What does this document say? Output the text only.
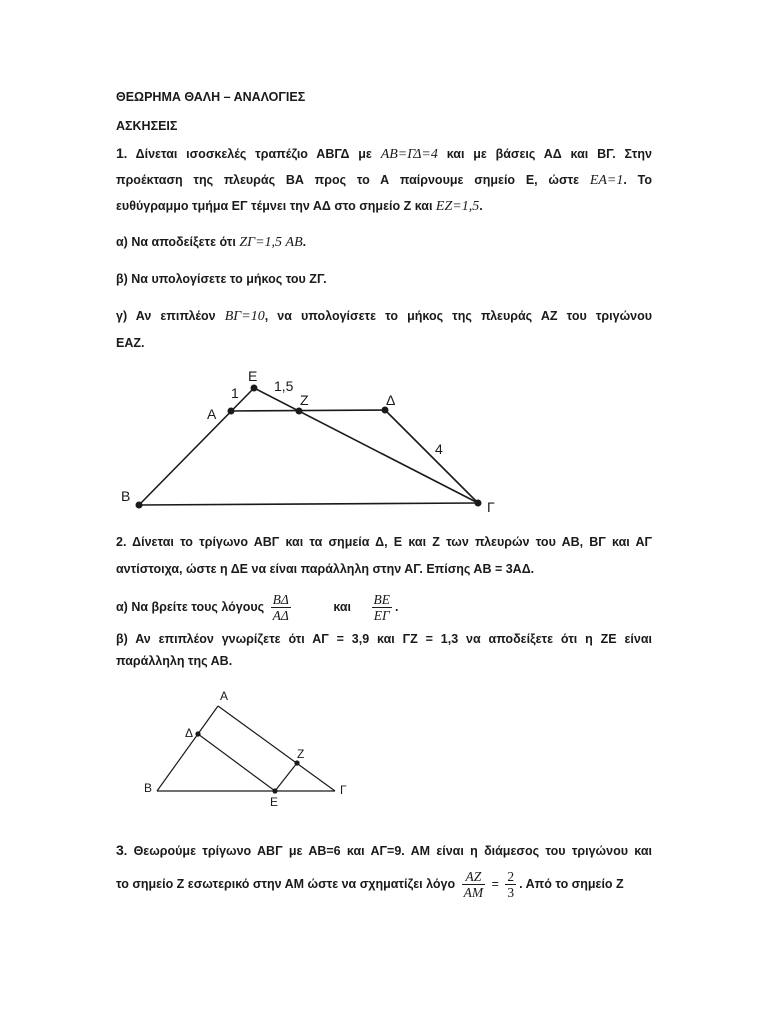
ΘΕΩΡΗΜΑ ΘΑΛΗ – ΑΝΑΛΟΓΙΕΣ
ΑΣΚΗΣΕΙΣ
1. Δίνεται ισοσκελές τραπέζιο ΑΒΓΔ με AB=ΓΔ=4 και με βάσεις ΑΔ και ΒΓ. Στην
προέκταση της πλευράς ΒΑ προς το Α παίρνουμε σημείο Ε, ώστε EA=1. Το
ευθύγραμμο τμήμα ΕΓ τέμνει την ΑΔ στο σημείο Ζ και EZ=1,5.
α) Να αποδείξετε ότι ΖΓ=1,5 AB.
β) Να υπολογίσετε το μήκος του ΖΓ.
γ) Αν επιπλέον ΒΓ=10, να υπολογίσετε το μήκος της πλευράς ΑΖ του τριγώνου
ΕΑΖ.
Ε
Α
Z	Δ
Β
Γ
1	1,5
4
2. Δίνεται το τρίγωνο ΑΒΓ και τα σημεία Δ, Ε και Ζ των πλευρών του ΑΒ, ΒΓ και ΑΓ
αντίστοιχα, ώστε η ΔΕ να είναι παράλληλη στην ΑΓ. Επίσης ΑΒ = 3ΑΔ.
α) Να βρείτε τους λόγους $\frac{B\Delta}{A\Delta}$	και $\frac{BE}{E\Gamma}$ .
β) Αν επιπλέον γνωρίζετε ότι ΑΓ = 3,9 και ΓΖ = 1,3 να αποδείξετε ότι η ΖΕ είναι
παράλληλη της ΑΒ.
Α
Δ
Ζ
Β
Ε
Γ
3. Θεωρούμε τρίγωνο ΑΒΓ με ΑΒ=6 και ΑΓ=9. ΑΜ είναι η διάμεσος του τριγώνου και
το σημείο Ζ εσωτερικό στην ΑΜ ώστε να σχηματίζει λόγο $\frac{AZ}{AM} = \frac{2}{3}$ . Από το σημείο Ζ
